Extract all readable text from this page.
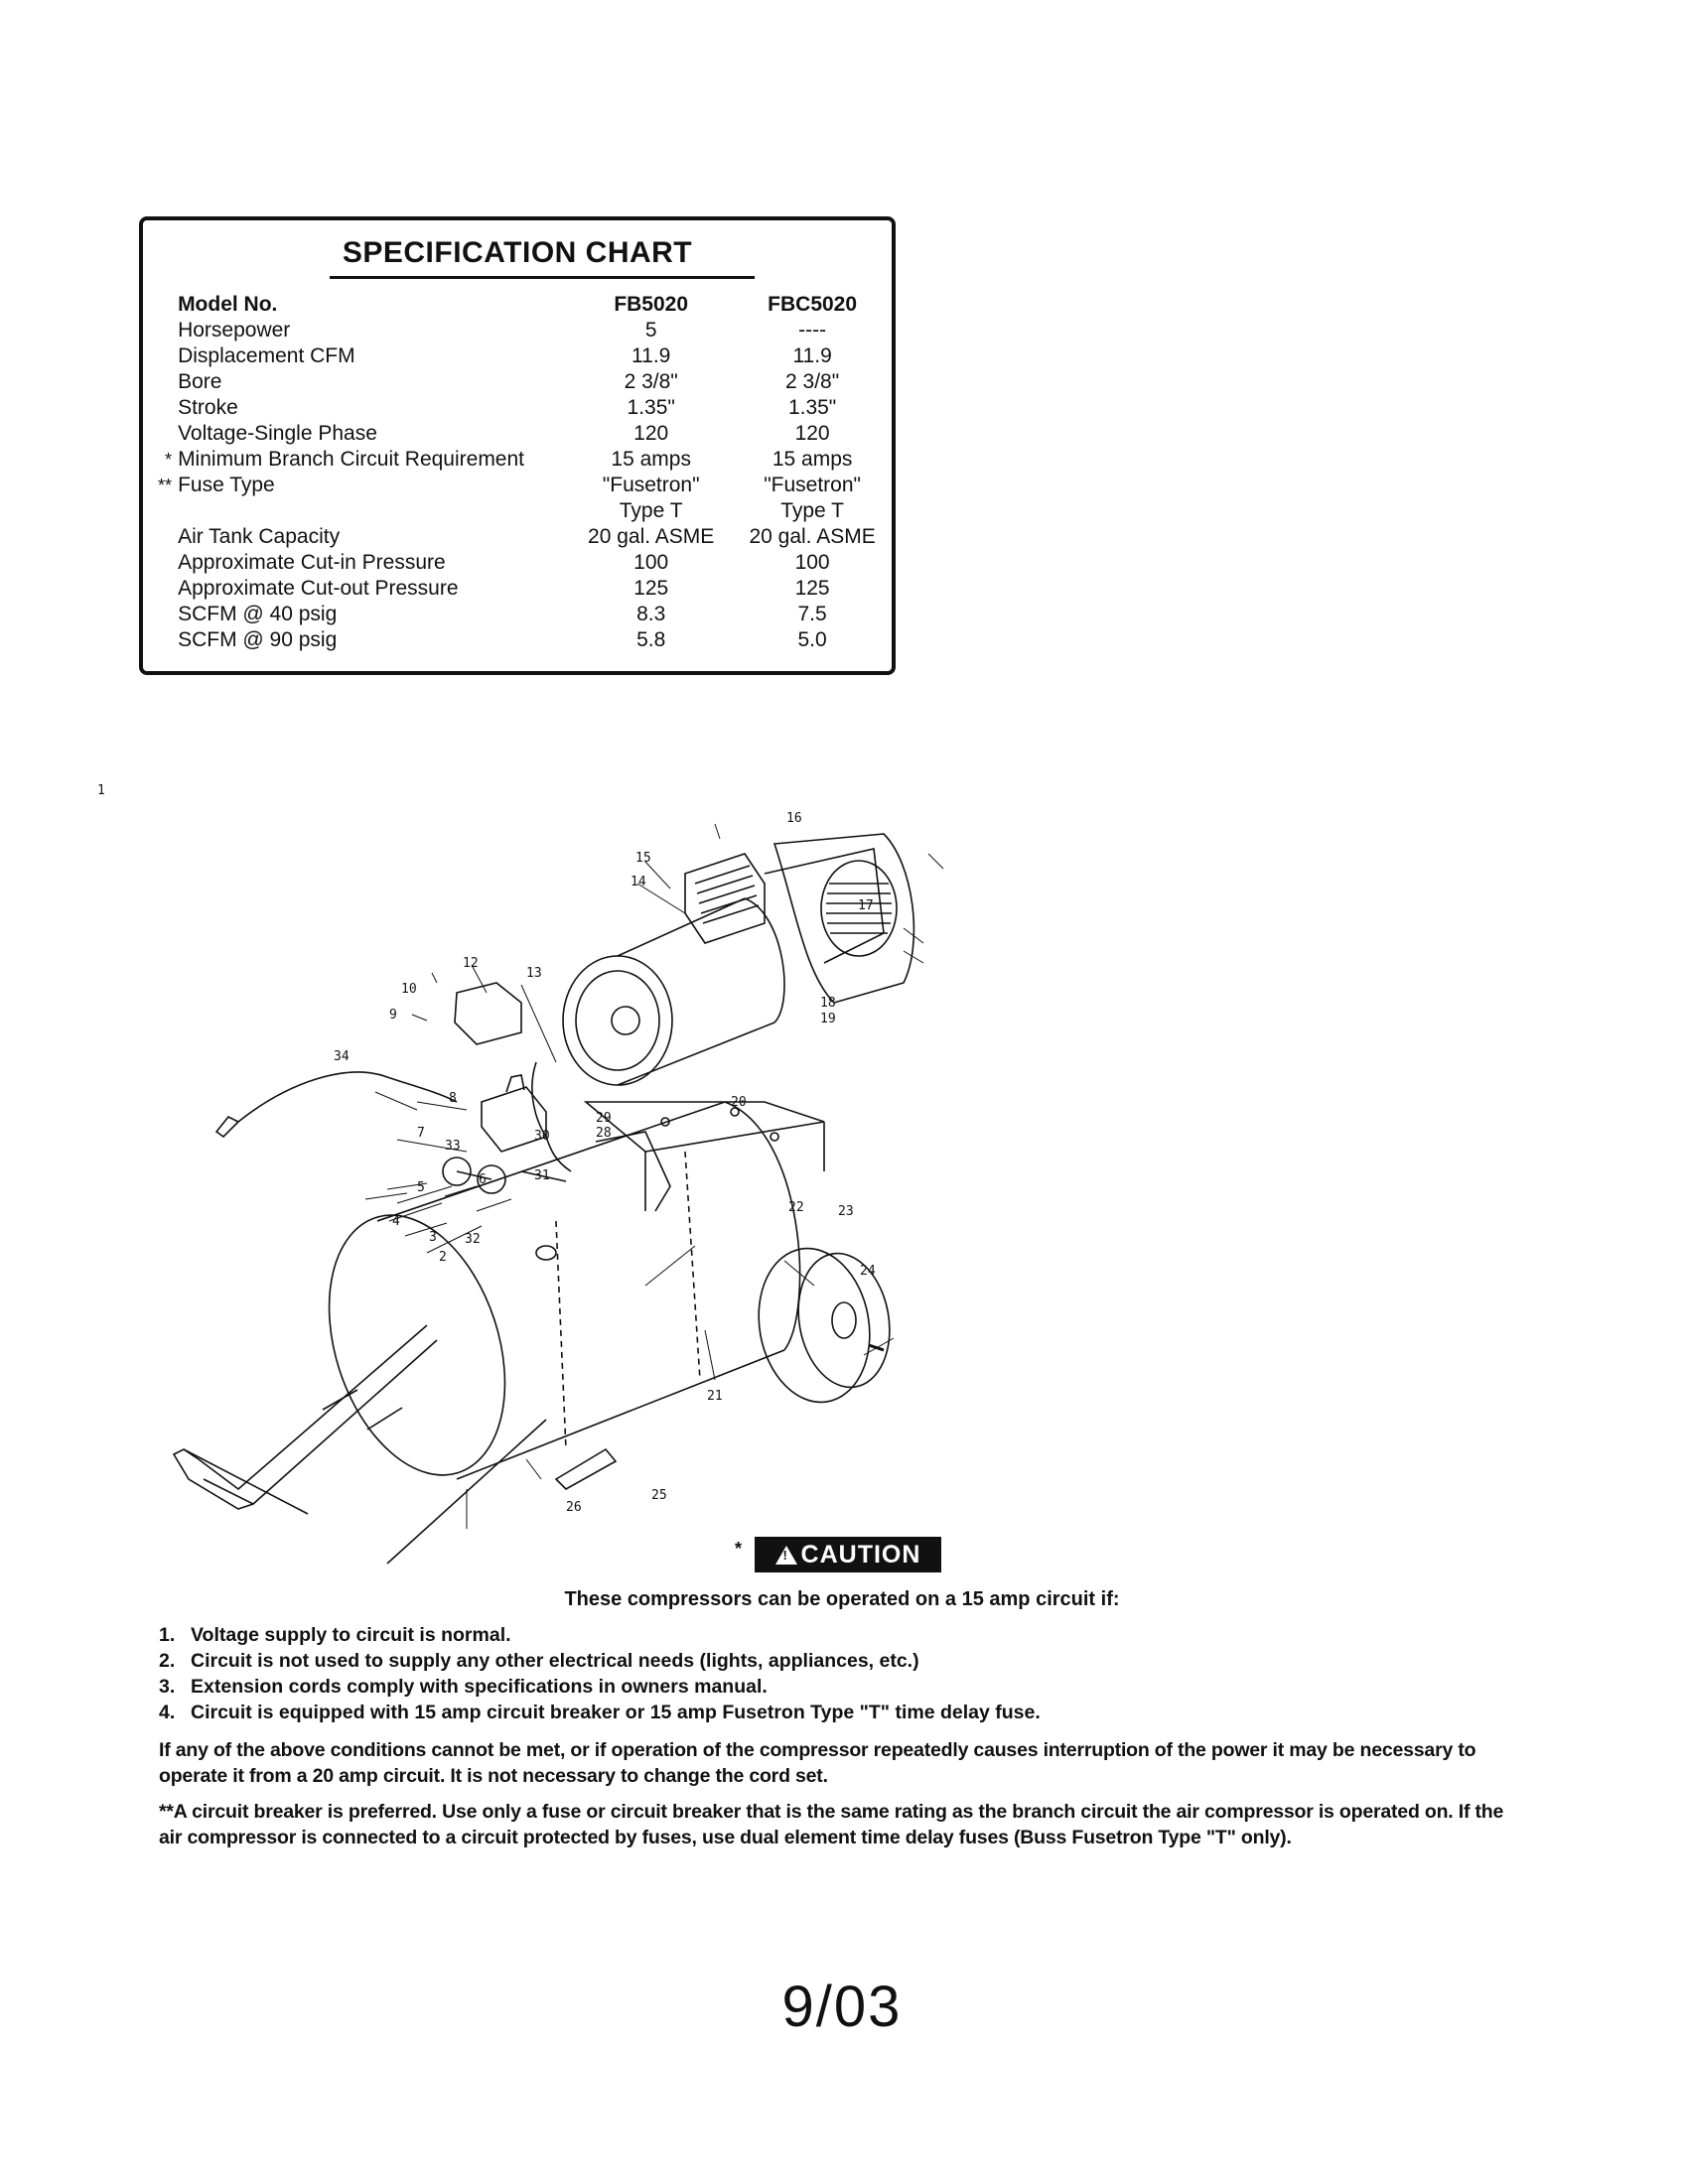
SPECIFICATION CHART
	Model No.	FB5020	FBC5020
	Horsepower	5	----
	Displacement CFM	11.9	11.9
	Bore	2 3/8"	2 3/8"
	Stroke	1.35"	1.35"
	Voltage-Single Phase	120	120
*	Minimum Branch Circuit Requirement	15 amps	15 amps
**	Fuse Type	"Fusetron"	"Fusetron"
		Type T	Type T
	Air Tank Capacity	20 gal. ASME	20 gal. ASME
	Approximate Cut-in Pressure	100	100
	Approximate Cut-out Pressure	125	125
	SCFM @ 40 psig	8.3	7.5
	SCFM @ 90 psig	5.8	5.0
1
2
3
4
5
6
7
8
9
10
12
13
14
15
16
17
18
19
20
21
22	23
24
25
26
28
29
30
31
32
33
34
* ! CAUTION
These compressors can be operated on a 15 amp circuit if:
1. Voltage supply to circuit is normal.
2. Circuit is not used to supply any other electrical needs (lights, appliances, etc.)
3. Extension cords comply with specifications in owners manual.
4. Circuit is equipped with 15 amp circuit breaker or 15 amp Fusetron Type "T" time delay fuse.
If any of the above conditions cannot be met, or if operation of the compressor repeatedly causes interruption of the power it may be necessary to operate it from a 20 amp circuit. It is not necessary to change the cord set.
**A circuit breaker is preferred. Use only a fuse or circuit breaker that is the same rating as the branch circuit the air compressor is operated on. If the air compressor is connected to a circuit protected by fuses, use dual element time delay fuses (Buss Fusetron Type "T" only).
9/03
